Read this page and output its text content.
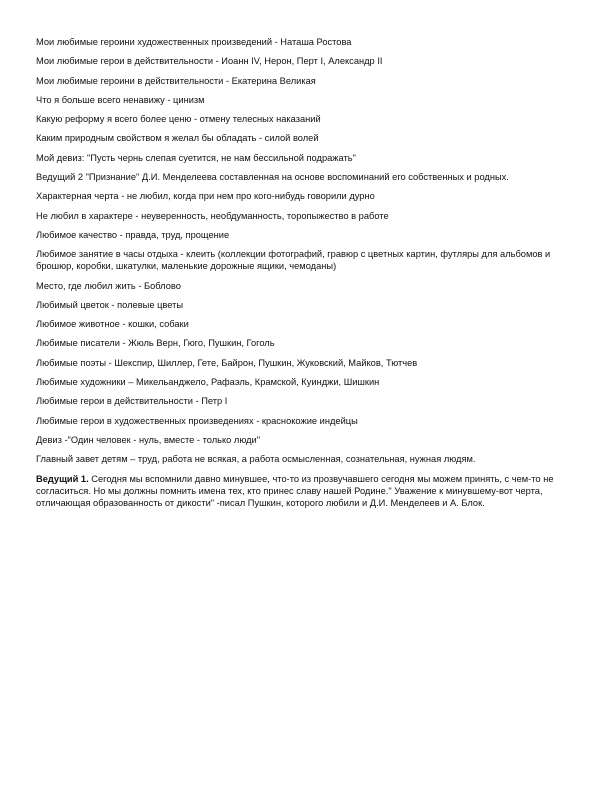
Мои любимые героини художественных произведений - Наташа Ростова
Мои любимые герои в действительности - Иоанн IV, Нерон, Перт I, Александр II
Мои любимые героини в действительности - Екатерина Великая
Что я больше всего ненавижу - цинизм
Какую реформу я всего более ценю - отмену телесных наказаний
Каким природным свойством я желал бы обладать - силой волей
Мой девиз: "Пусть чернь слепая суетится, не нам бессильной подражать"
Ведущий 2 "Признание" Д.И. Менделеева составленная на основе воспоминаний его собственных и родных.
Характерная черта - не любил, когда при нем про кого-нибудь говорили дурно
Не любил в характере - неуверенность, необдуманность, торопыжество в работе
Любимое качество - правда, труд, прощение
Любимое занятие в часы отдыха - клеить (коллекции фотографий, гравюр с цветных картин, футляры для альбомов и брошюр, коробки, шкатулки, маленькие дорожные ящики, чемоданы)
Место, где любил жить - Боблово
Любимый цветок - полевые цветы
Любимое животное - кошки, собаки
Любимые писатели - Жюль Верн, Гюго, Пушкин, Гоголь
Любимые поэты - Шекспир, Шиллер, Гете, Байрон, Пушкин, Жуковский, Майков, Тютчев
Любимые художники – Микельанджело, Рафаэль, Крамской, Куинджи, Шишкин
Любимые герои в действительности - Петр I
Любимые герои в художественных произведениях - краснокожие индейцы
Девиз -"Один человек - нуль, вместе - только люди"
Главный завет детям – труд, работа не всякая, а работа осмысленная, сознательная, нужная людям.

Ведущий 1. Сегодня мы вспомнили давно минувшее, что-то из прозвучавшего сегодня мы можем принять, с чем-то не согласиться. Но мы должны помнить имена тех, кто принес славу нашей Родине." Уважение к минувшему-вот черта, отличающая образованность от дикости" -писал Пушкин, которого любили и Д.И. Менделеев и А. Блок.
